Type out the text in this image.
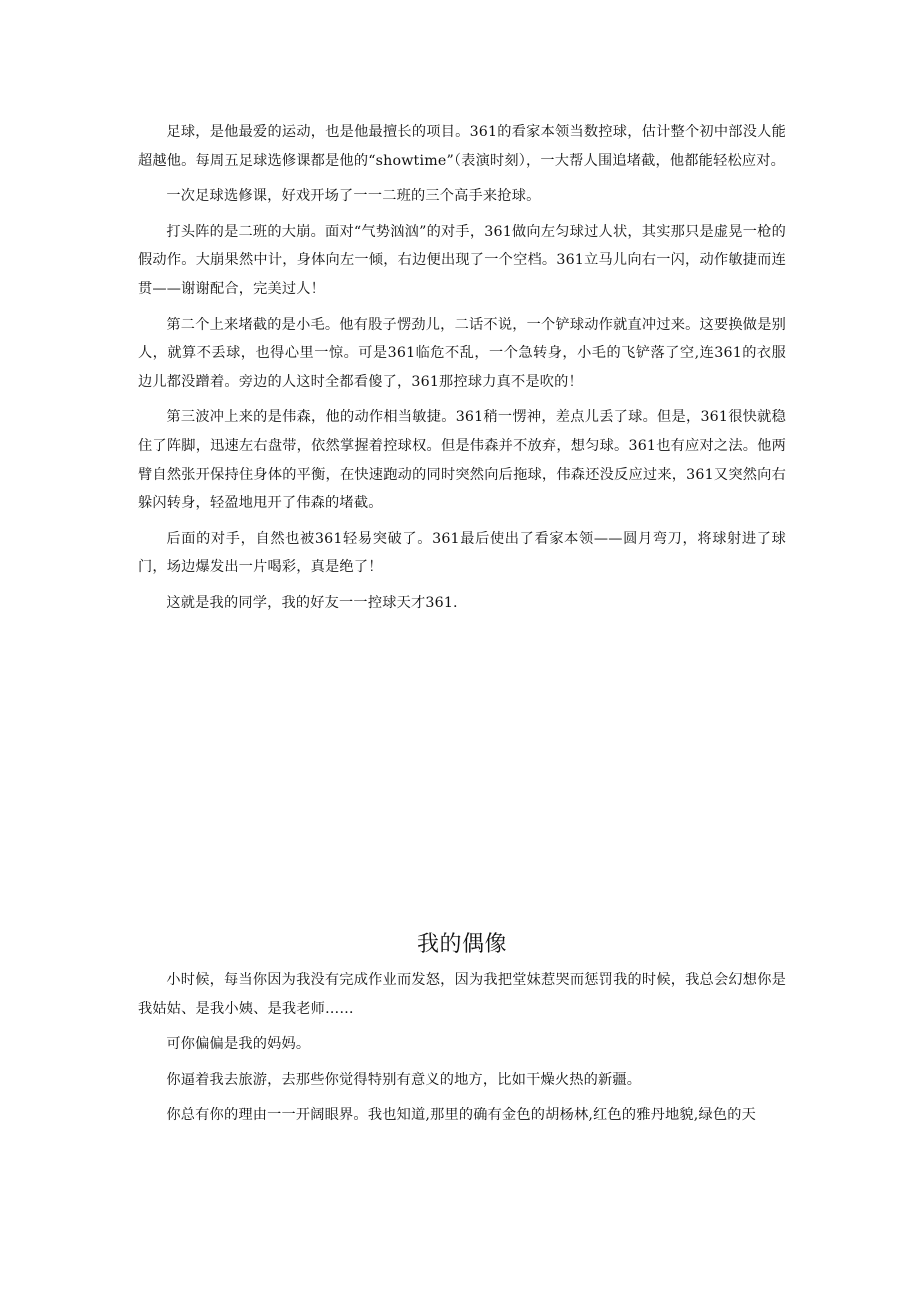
足球，是他最爱的运动，也是他最擅长的项目。361的看家本领当数控球，估计整个初中部没人能超越他。每周五足球选修课都是他的“showtime”（表演时刻），一大帮人围追堵截，他都能轻松应对。

一次足球选修课，好戏开场了一一二班的三个高手来抢球。

打头阵的是二班的大崩。面对“气势汹汹”的对手，361做向左匀球过人状，其实那只是虚晃一枪的假动作。大崩果然中计，身体向左一倾，右边便出现了一个空档。361立马儿向右一闪，动作敏捷而连贯——谢谢配合，完美过人！

第二个上来堵截的是小毛。他有股子愣劲儿，二话不说，一个铲球动作就直冲过来。这要换做是别人，就算不丢球，也得心里一惊。可是361临危不乱，一个急转身，小毛的飞铲落了空,连361的衣服边儿都没蹭着。旁边的人这时全都看傻了，361那控球力真不是吹的！

第三波冲上来的是伟森，他的动作相当敏捷。361稍一愣神，差点儿丢了球。但是，361很快就稳住了阵脚，迅速左右盘带，依然掌握着控球权。但是伟森并不放弃，想匀球。361也有应对之法。他两臂自然张开保持住身体的平衡，在快速跑动的同时突然向后拖球，伟森还没反应过来，361又突然向右躲闪转身，轻盈地甩开了伟森的堵截。

后面的对手，自然也被361轻易突破了。361最后使出了看家本领——圆月弯刀，将球射进了球门，场边爆发出一片喝彩，真是绝了！

这就是我的同学，我的好友一一控球天才361.

我的偶像

小时候，每当你因为我没有完成作业而发怒，因为我把堂妹惹哭而惩罚我的时候，我总会幻想你是我姑姑、是我小姨、是我老师……

可你偏偏是我的妈妈。

你逼着我去旅游，去那些你觉得特别有意义的地方，比如干燥火热的新疆。

你总有你的理由一一开阔眼界。我也知道,那里的确有金色的胡杨林,红色的雅丹地貌,绿色的天
